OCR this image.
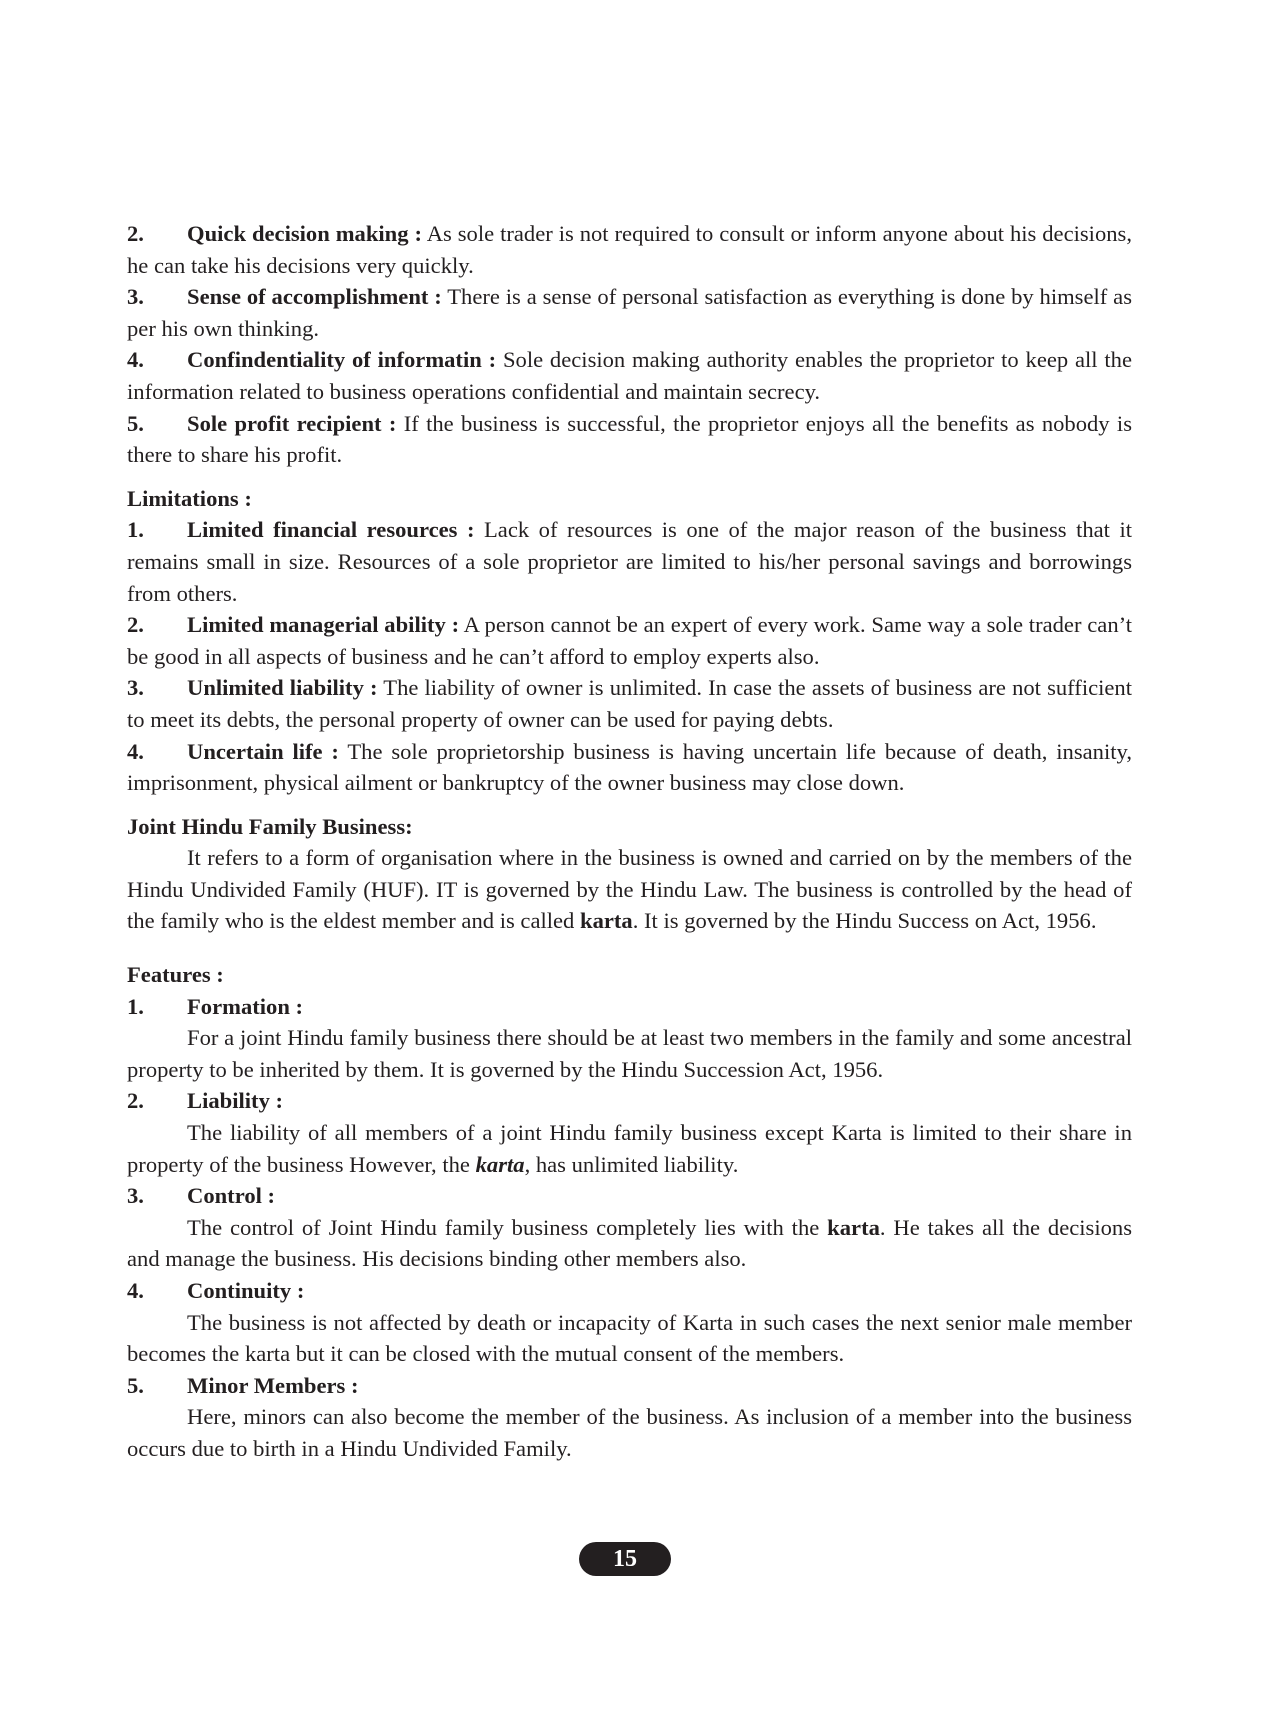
2. Quick decision making : As sole trader is not required to consult or inform anyone about his decisions, he can take his decisions very quickly.

3. Sense of accomplishment : There is a sense of personal satisfaction as everything is done by himself as per his own thinking.

4. Confindentiality of informatin : Sole decision making authority enables the proprietor to keep all the information related to business operations confidential and maintain secrecy.

5. Sole profit recipient : If the business is successful, the proprietor enjoys all the benefits as nobody is there to share his profit.

Limitations :

1. Limited financial resources : Lack of resources is one of the major reason of the business that it remains small in size. Resources of a sole proprietor are limited to his/her personal savings and borrowings from others.

2. Limited managerial ability : A person cannot be an expert of every work. Same way a sole trader can’t be good in all aspects of business and he can’t afford to employ experts also.

3. Unlimited liability : The liability of owner is unlimited. In case the assets of business are not sufficient to meet its debts, the personal property of owner can be used for paying debts.

4. Uncertain life : The sole proprietorship business is having uncertain life because of death, insanity, imprisonment, physical ailment or bankruptcy of the owner business may close down.

Joint Hindu Family Business:

It refers to a form of organisation where in the business is owned and carried on by the members of the Hindu Undivided Family (HUF). IT is governed by the Hindu Law. The business is controlled by the head of the family who is the eldest member and is called karta. It is governed by the Hindu Success on Act, 1956.

Features :

1. Formation :

For a joint Hindu family business there should be at least two members in the family and some ancestral property to be inherited by them. It is governed by the Hindu Succession Act, 1956.

2. Liability :

The liability of all members of a joint Hindu family business except Karta is limited to their share in property of the business However, the karta, has unlimited liability.

3. Control :

The control of Joint Hindu family business completely lies with the karta. He takes all the decisions and manage the business. His decisions binding other members also.

4. Continuity :

The business is not affected by death or incapacity of Karta in such cases the next senior male member becomes the karta but it can be closed with the mutual consent of the members.

5. Minor Members :

Here, minors can also become the member of the business. As inclusion of a member into the business occurs due to birth in a Hindu Undivided Family.

15
